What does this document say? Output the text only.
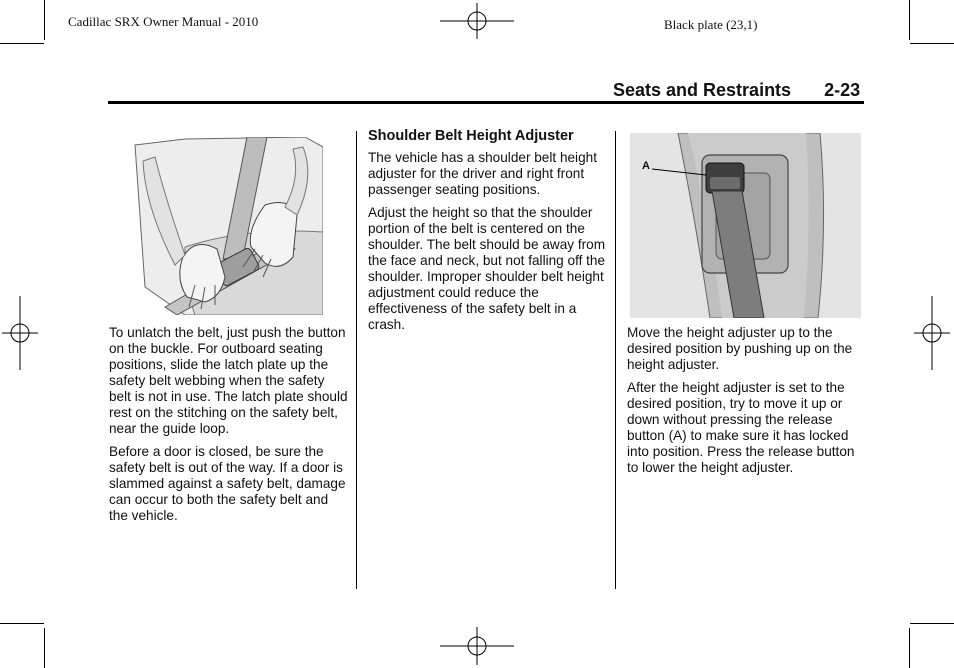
Cadillac SRX Owner Manual - 2010	Black plate (23,1)
Seats and Restraints 2-23

To unlatch the belt, just push the button on the buckle. For outboard seating positions, slide the latch plate up the safety belt webbing when the safety belt is not in use. The latch plate should rest on the stitching on the safety belt, near the guide loop.

Before a door is closed, be sure the safety belt is out of the way. If a door is slammed against a safety belt, damage can occur to both the safety belt and the vehicle.

Shoulder Belt Height Adjuster

The vehicle has a shoulder belt height adjuster for the driver and right front passenger seating positions.

Adjust the height so that the shoulder portion of the belt is centered on the shoulder. The belt should be away from the face and neck, but not falling off the shoulder. Improper shoulder belt height adjustment could reduce the effectiveness of the safety belt in a crash.

A

Move the height adjuster up to the desired position by pushing up on the height adjuster.

After the height adjuster is set to the desired position, try to move it up or down without pressing the release button (A) to make sure it has locked into position. Press the release button to lower the height adjuster.
